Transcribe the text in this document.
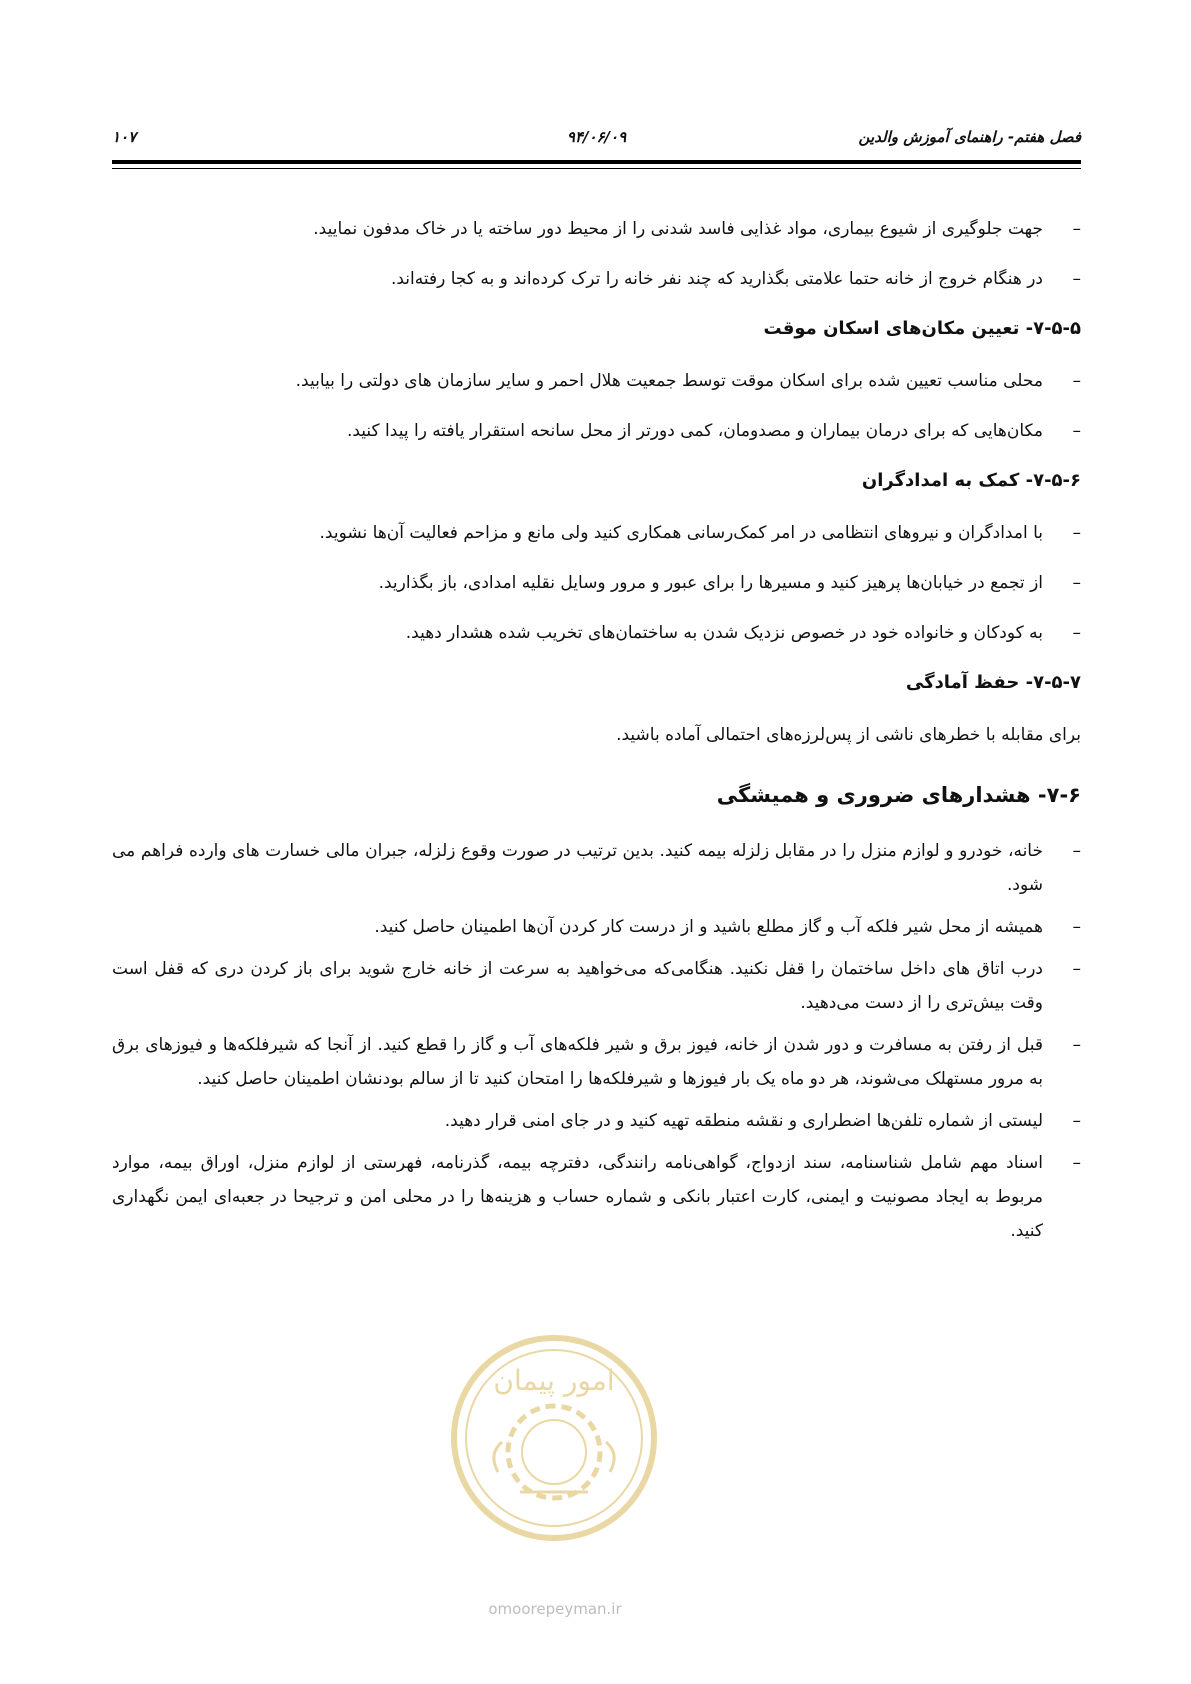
فصل هفتم- راهنمای آموزش والدین
۹۴/۰۶/۰۹
۱۰۷
– جهت جلوگیری از شیوع بیماری، مواد غذایی فاسد شدنی را از محیط دور ساخته یا در خاک مدفون نمایید.
– در هنگام خروج از خانه حتما علامتی بگذارید که چند نفر خانه را ترک کرده‌اند و به کجا رفته‌اند.
۷-۵-۵- تعیین مکان‌های اسکان موقت
– محلی مناسب تعیین شده برای اسکان موقت توسط جمعیت هلال احمر و سایر سازمان های دولتی را بیابید.
– مکان‌هایی که برای درمان بیماران و مصدومان، کمی دورتر از محل سانحه استقرار یافته را پیدا کنید.
۷-۵-۶- کمک به امدادگران
– با امدادگران و نیروهای انتظامی در امر کمک‌رسانی همکاری کنید ولی مانع و مزاحم فعالیت آن‌ها نشوید.
– از تجمع در خیابان‌ها پرهیز کنید و مسیرها را برای عبور و مرور وسایل نقلیه امدادی، باز بگذارید.
– به کودکان و خانواده خود در خصوص نزدیک شدن به ساختمان‌های تخریب شده هشدار دهید.
۷-۵-۷- حفظ آمادگی

برای مقابله با خطرهای ناشی از پس‌لرزه‌های احتمالی آماده باشید.

۷-۶- هشدارهای ضروری و همیشگی
– خانه، خودرو و لوازم منزل را در مقابل زلزله بیمه کنید. بدین ترتیب در صورت وقوع زلزله، جبران مالی خسارت های وارده فراهم می شود.
– همیشه از محل شیر فلکه آب و گاز مطلع باشید و از درست کار کردن آن‌ها اطمینان حاصل کنید.
– درب اتاق های داخل ساختمان را قفل نکنید. هنگامی‌که می‌خواهید به سرعت از خانه خارج شوید برای باز کردن دری که قفل است وقت بیش‌تری را از دست می‌دهید.
– قبل از رفتن به مسافرت و دور شدن از خانه، فیوز برق و شیر فلکه‌های آب و گاز را قطع کنید. از آنجا که شیرفلکه‌ها و فیوزهای برق به مرور مستهلک می‌شوند، هر دو ماه یک بار فیوزها و شیرفلکه‌ها را امتحان کنید تا از سالم بودنشان اطمینان حاصل کنید.
– لیستی از شماره تلفن‌ها اضطراری و نقشه منطقه تهیه کنید و در جای امنی قرار دهید.
– اسناد مهم شامل شناسنامه، سند ازدواج، گواهی‌نامه رانندگی، دفترچه بیمه، گذرنامه، فهرستی از لوازم منزل، اوراق بیمه، موارد مربوط به ایجاد مصونیت و ایمنی، کارت اعتبار بانکی و شماره حساب و هزینه‌ها را در محلی امن و ترجیحا در جعبه‌ای ایمن نگهداری کنید.
امور پیمان
omoorepeyman.ir
